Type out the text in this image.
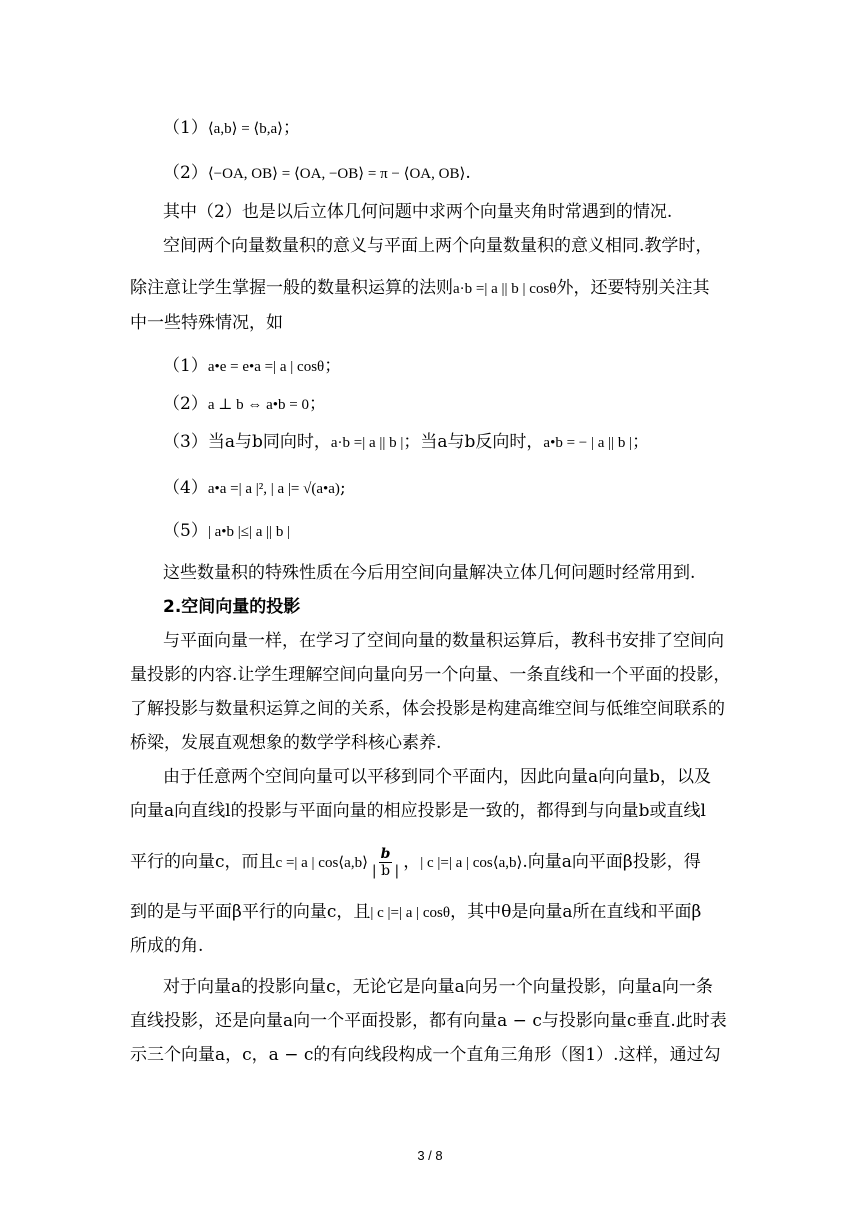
（1）⟨a,b⟩ = ⟨b,a⟩；
（2）⟨−OA, OB⟩ = ⟨OA, −OB⟩ = π − ⟨OA, OB⟩.
其中（2）也是以后立体几何问题中求两个向量夹角时常遇到的情况.
空间两个向量数量积的意义与平面上两个向量数量积的意义相同.教学时，
除注意让学生掌握一般的数量积运算的法则a·b =| a || b | cosθ外，还要特别关注其
中一些特殊情况，如
（1）a•e = e•a =| a | cosθ；
（2）a ⊥ b ⇔ a•b = 0；
（3）当a与b同向时，a·b =| a || b |；当a与b反向时，a•b = − | a || b |；
（4）a•a =| a |², | a |= √(a•a);
（5）| a•b |≤| a || b |
这些数量积的特殊性质在今后用空间向量解决立体几何问题时经常用到.
2.空间向量的投影
与平面向量一样，在学习了空间向量的数量积运算后，教科书安排了空间向
量投影的内容.让学生理解空间向量向另一个向量、一条直线和一个平面的投影，
了解投影与数量积运算之间的关系，体会投影是构建高维空间与低维空间联系的
桥梁，发展直观想象的数学学科核心素养.
由于任意两个空间向量可以平移到同个平面内，因此向量a向向量b，以及
向量a向直线l的投影与平面向量的相应投影是一致的，都得到与向量b或直线l
平行的向量c，而且c =| a | cos⟨a,b⟩ $\frac{b}{| b |}$ ，| c |=| a | cos⟨a,b⟩.向量a向平面β投影，得
到的是与平面β平行的向量c，且| c |=| a | cosθ，其中θ是向量a所在直线和平面β
所成的角.
对于向量a的投影向量c，无论它是向量a向另一个向量投影，向量a向一条
直线投影，还是向量a向一个平面投影，都有向量a − c与投影向量c垂直.此时表
示三个向量a，c，a − c的有向线段构成一个直角三角形（图1）.这样，通过勾
3 / 8
